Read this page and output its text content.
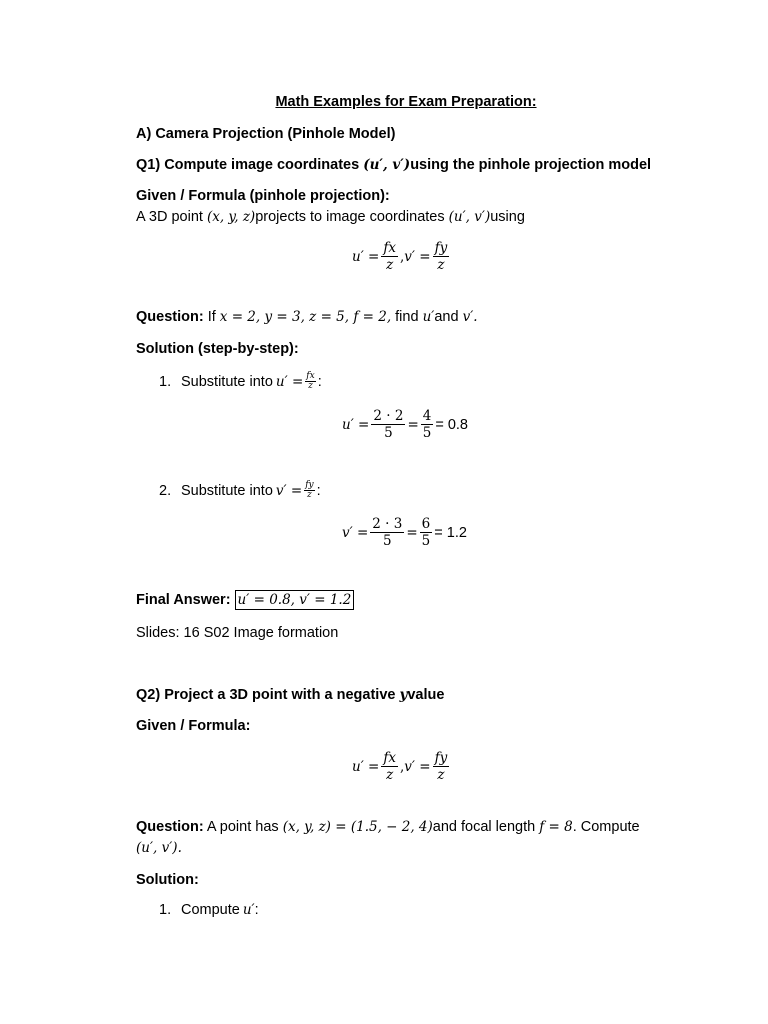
Math Examples for Exam Preparation:
A) Camera Projection (Pinhole Model)
Q1) Compute image coordinates (u′, v′)using the pinhole projection model
Given / Formula (pinhole projection):
A 3D point (x, y, z)projects to image coordinates (u′, v′)using
$u' = \frac{fx}{z}$ , $v' = \frac{fy}{z}$
Question: If x = 2, y = 3, z = 5, f = 2, find u′and v′.
Solution (step-by-step):
1. Substitute into $u' = \frac{fx}{z}$ :
$u' = \frac{2 \cdot 2}{5} = \frac{4}{5} = 0.8$
2. Substitute into $v' = \frac{fy}{z}$ :
$v' = \frac{2 \cdot 3}{5} = \frac{6}{5} = 1.2$
Final Answer: u′ = 0.8, v′ = 1.2
Slides: 16 S02 Image formation
Q2) Project a 3D point with a negative yvalue
Given / Formula:
$u' = \frac{fx}{z}$ , $v' = \frac{fy}{z}$
Question: A point has (x, y, z) = (1.5, − 2, 4)and focal length f = 8. Compute
(u′, v′).
Solution:
1. Compute u′ :
